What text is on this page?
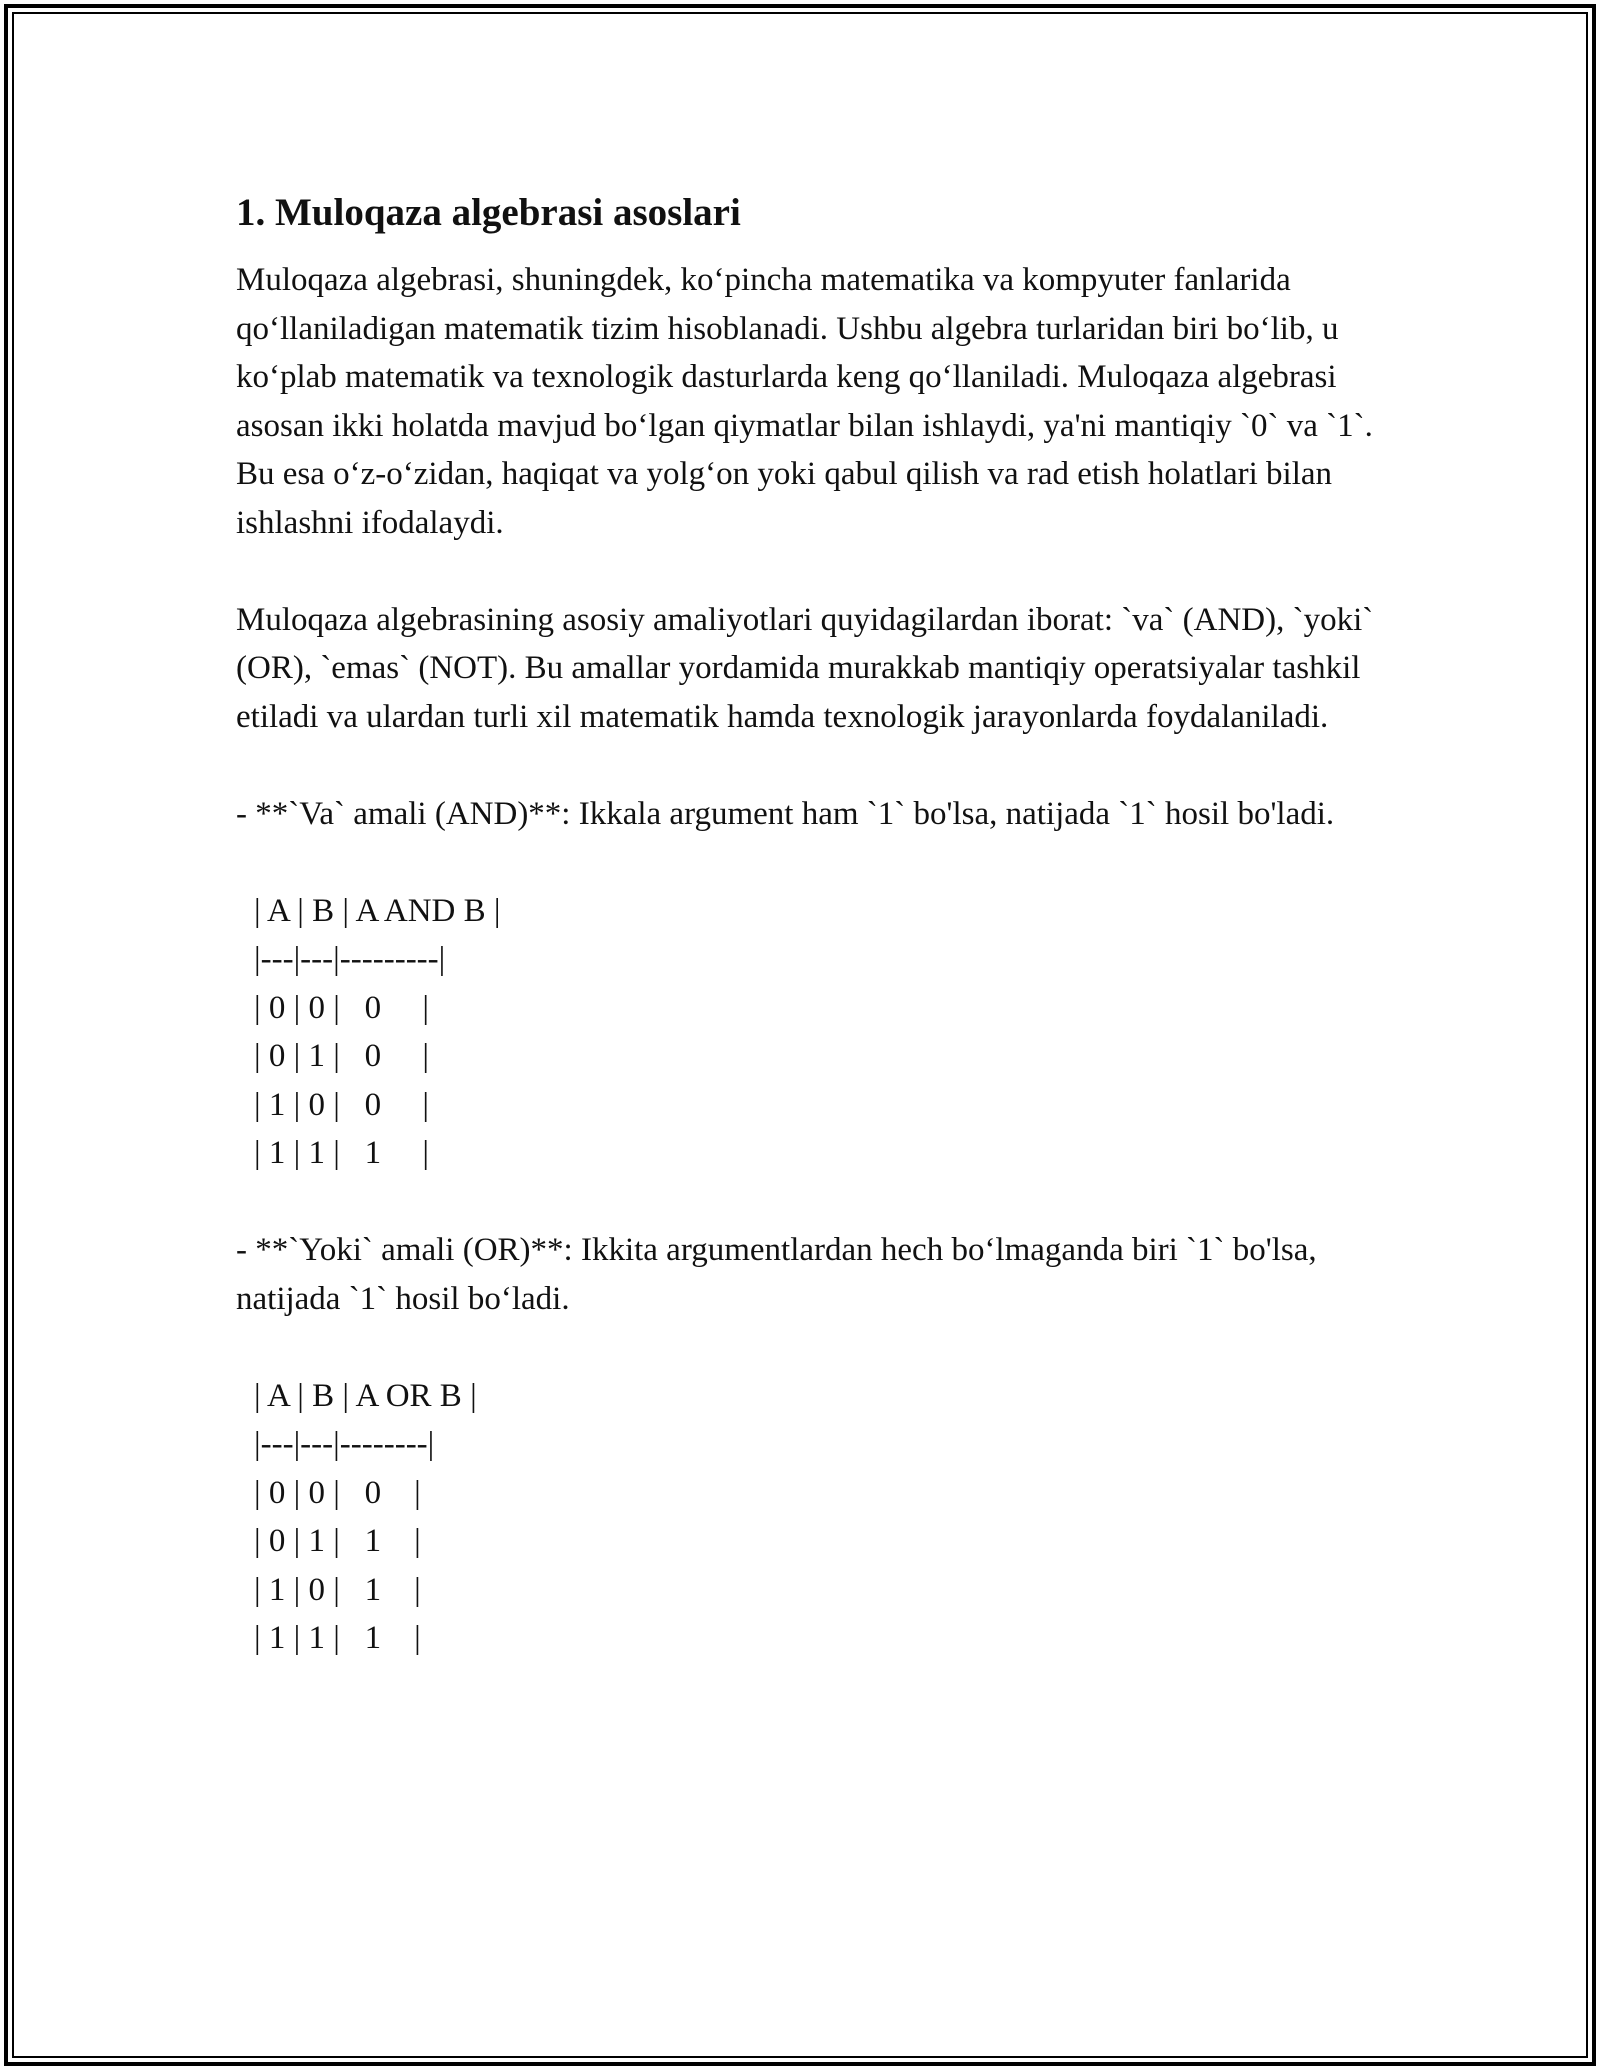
1. Muloqaza algebrasi asoslari

Muloqaza algebrasi, shuningdek, koʻpincha matematika va kompyuter fanlarida qoʻllaniladigan matematik tizim hisoblanadi. Ushbu algebra turlaridan biri boʻlib, u koʻplab matematik va texnologik dasturlarda keng qoʻllaniladi. Muloqaza algebrasi asosan ikki holatda mavjud boʻlgan qiymatlar bilan ishlaydi, ya'ni mantiqiy `0` va `1`. Bu esa oʻz-oʻzidan, haqiqat va yolgʻon yoki qabul qilish va rad etish holatlari bilan ishlashni ifodalaydi.

Muloqaza algebrasining asosiy amaliyotlari quyidagilardan iborat: `va` (AND), `yoki` (OR), `emas` (NOT). Bu amallar yordamida murakkab mantiqiy operatsiyalar tashkil etiladi va ulardan turli xil matematik hamda texnologik jarayonlarda foydalaniladi.

- **`Va` amali (AND)**: Ikkala argument ham `1` bo'lsa, natijada `1` hosil bo'ladi.

| A | B | A AND B |
|---|---|---------|
| 0 | 0 |   0     |
| 0 | 1 |   0     |
| 1 | 0 |   0     |
| 1 | 1 |   1     |

- **`Yoki` amali (OR)**: Ikkita argumentlardan hech boʻlmaganda biri `1` bo'lsa, natijada `1` hosil boʻladi.

| A | B | A OR B |
|---|---|--------|
| 0 | 0 |   0    |
| 0 | 1 |   1    |
| 1 | 0 |   1    |
| 1 | 1 |   1    |
